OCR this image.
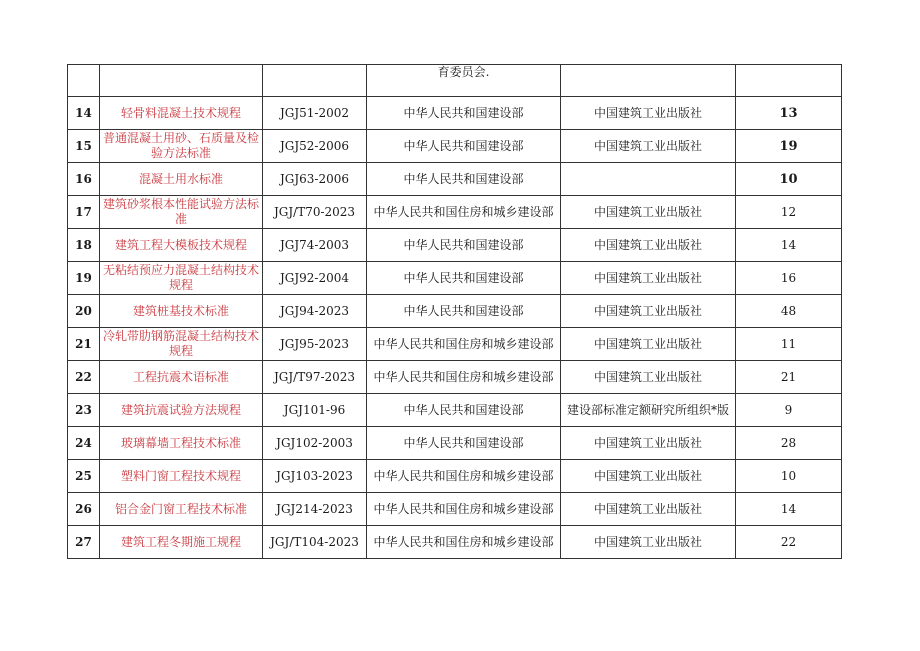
			育委员会.		
14	轻骨料混凝土技术规程	JGJ51-2002	中华人民共和国建设部	中国建筑工业出版社	13
15	普通混凝土用砂、石质量及检验方法标准	JGJ52-2006	中华人民共和国建设部	中国建筑工业出版社	19
16	混凝土用水标准	JGJ63-2006	中华人民共和国建设部		10
17	建筑砂浆根本性能试验方法标准	JGJ/T70-2023	中华人民共和国住房和城乡建设部	中国建筑工业出版社	12
18	建筑工程大模板技术规程	JGJ74-2003	中华人民共和国建设部	中国建筑工业出版社	14
19	无粘结预应力混凝土结构技术规程	JGJ92-2004	中华人民共和国建设部	中国建筑工业出版社	16
20	建筑桩基技术标准	JGJ94-2023	中华人民共和国建设部	中国建筑工业出版社	48
21	冷轧带肋钢筋混凝土结构技术规程	JGJ95-2023	中华人民共和国住房和城乡建设部	中国建筑工业出版社	11
22	工程抗震术语标准	JGJ/T97-2023	中华人民共和国住房和城乡建设部	中国建筑工业出版社	21
23	建筑抗震试验方法规程	JGJ101-96	中华人民共和国建设部	建设部标准定额研究所组织*版	9
24	玻璃幕墙工程技术标准	JGJ102-2003	中华人民共和国建设部	中国建筑工业出版社	28
25	塑料门窗工程技术规程	JGJ103-2023	中华人民共和国住房和城乡建设部	中国建筑工业出版社	10
26	铝合金门窗工程技术标准	JGJ214-2023	中华人民共和国住房和城乡建设部	中国建筑工业出版社	14
27	建筑工程冬期施工规程	JGJ/T104-2023	中华人民共和国住房和城乡建设部	中国建筑工业出版社	22
